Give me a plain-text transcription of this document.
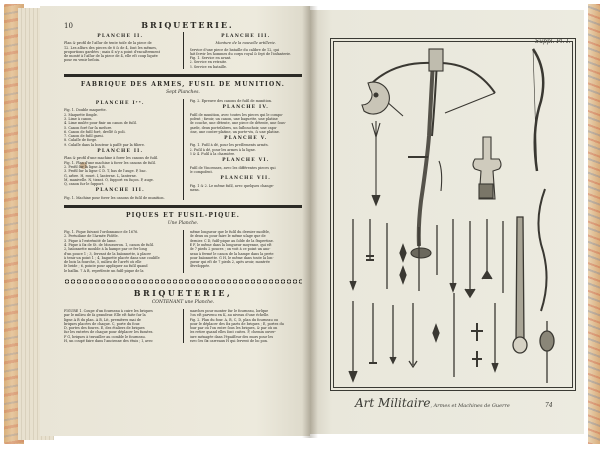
10	BRIQUETERIE.
PLANCHE II.
Plan & profil de l'aſſur de tente toiſe de la piece de
12. Les aſſurs des pieces de 8 & de 4, ſont les mêmes,
proportions gardées ; mais il n'y a point d'encaſtrement
de monté à l'aſſur de la piece de 4, elle eſt coup liquée
pour en venir beſoin.
PLANCHE III.
Monture de la nouvelle artillerie.
Service d'une piece de bataille du calibre de 12, qui
fait ſervir les hommes du corps royal & ſept de l'infanterie.
Fig. 1. Service en avant.
2. Service en retraite.
3. Service en bataille.
FABRIQUE DES ARMES, FUSIL DE MUNITION.
Sept Planches.
PLANCHE Iʳᵉ.
Fig. 1. Double maquette.
2. Maquette ſimple.
3. Lime à canon.
4. Lime mulée pour finir un canon de fuſil.
5. Canon foré ſur ſa meſure.
6. Canon de fuſil foré, dreſſé & poli.
7. Canon de fuſil garni.
8. Culaſſe de forge.
9. Culaſſe dans la bouteur à paſſé par la filiere.
PLANCHE II.
Plan & profil d'une machine à forer les canons de fuſil.
Fig. 1. Plan d'une machine à forer les canons de fuſil.
2. Profil ſur la ligne A B.
3. Profil ſur la ligne C D. T, bas de l'auge. P, bac.
G, arbre. H, rouet. I, lanterne. L, lanterne.
M, manivelle. N, tirant. O, ſupport en ſuçon. P, auge.
Q, canon ſur le ſupport.
PLANCHE III.
Fig. 1. Machine pour forer les canons de fuſil de munition.
Fig. 2. Epreuve des canons de fuſil de munition.
PLANCHE IV.
Fuſil de munition, avec toutes les pieces qui le compo-
poſent ; favoir, un canon, une baguette, une platine
de couche, une détente, une piece de détente, une ſous-
garde, deux porteſabres, un ſuſbouchoir, une capu-
cine, une contre-platine, un porte-vis, & une platine.
PLANCHE V.
Fig. 1. Fuſil à dé, pour les preſſements armés.
2. Fuſil à dé, pour les armes à la ligne.
3 & 4. Fuſil à la charnière.
PLANCHE VI.
Fuſil de Vincennes, avec les différentes pieces qui
le compoſent.
PLANCHE VII.
Fig. 1 & 2. Le même fuſil, avec quelques change-
mens.
PIQUES ET FUSIL-PIQUE.
Une Planche.
Fig. 1. Pique ſuivant l'ordonnance de 1676.
2. Pertuiſane de l'Armée Fidèle.
3. Pique à l'extrémité de lame.
4. Pique à ſix de St. de Mousseron. 1, canon de fuſil.
2, baïonnette mouble à la hampe par ce fer long
d'un pouce 1 ; 3, ſervant de la baïonnette, à placer
à tenir un point 1 ; 4, baguette placée dans une couliſſe
de bois la fourche, 5, milieu de l'arrêt où elle
ſe bride ; 6, pointe pour appliquer au fuſil quand
le baſſin. 7 A B, repréſente un fuſil-pique de la
même longueur que le fuſil du dernier modèle,
de deux ou pour faire le même uſage que de
dernier. C D, fuſil-pique au ſolde de la ſtupertine.
E F, le même dans la longueur moyenne, qui eſt
de 7 pieds 2 pouces ; on voit à ce point un ano-
neau à fermé le canon de la hampe dans la perte
pour baïonnette. G H, le même dans toute la lon-
gueur qui eſt de 7 pieds 2, apès avoir, montrée
développée.
BRIQUETERIE,
CONTENANT une Planche.
FIGURE 1. Coupe d'un fourneau à cuire les briques
par le milieu de ſa grandeur. Elle eſt faite ſur la
ligne A B du plan. A B, Lit, premières mai de
briques placées de chaque. C, porte du four.
D, portes des foures. E, des étaliers de briques
ſur les entrées de chaque pour déplacer les fumées.
F G, briques à travailler au comble le fourneau.
H, un coupé faire dans l'ancienne des étuis ; I, avec
marches pour monter ſur le fourneau, lorſque
l'on eſt parvenu en K, au niveau d'une échelle.
Fig. 2. Plan du four. A, B, C, D, plan du fourneau ou
pour ſe déplacer des ſix parts de briques ; E, portes du
four par où l'on entre ſous les briques, & par où on
les retire quand elles ſont cuites. F, chemin ouver-
ture ménagée dans l'épaiſſeur des murs pour les
avec les ſix carreaux H qui ſervent de bo pon.
Suppl. Pl. I.
Art Militaire, Armes et Machines de Guerre	74
